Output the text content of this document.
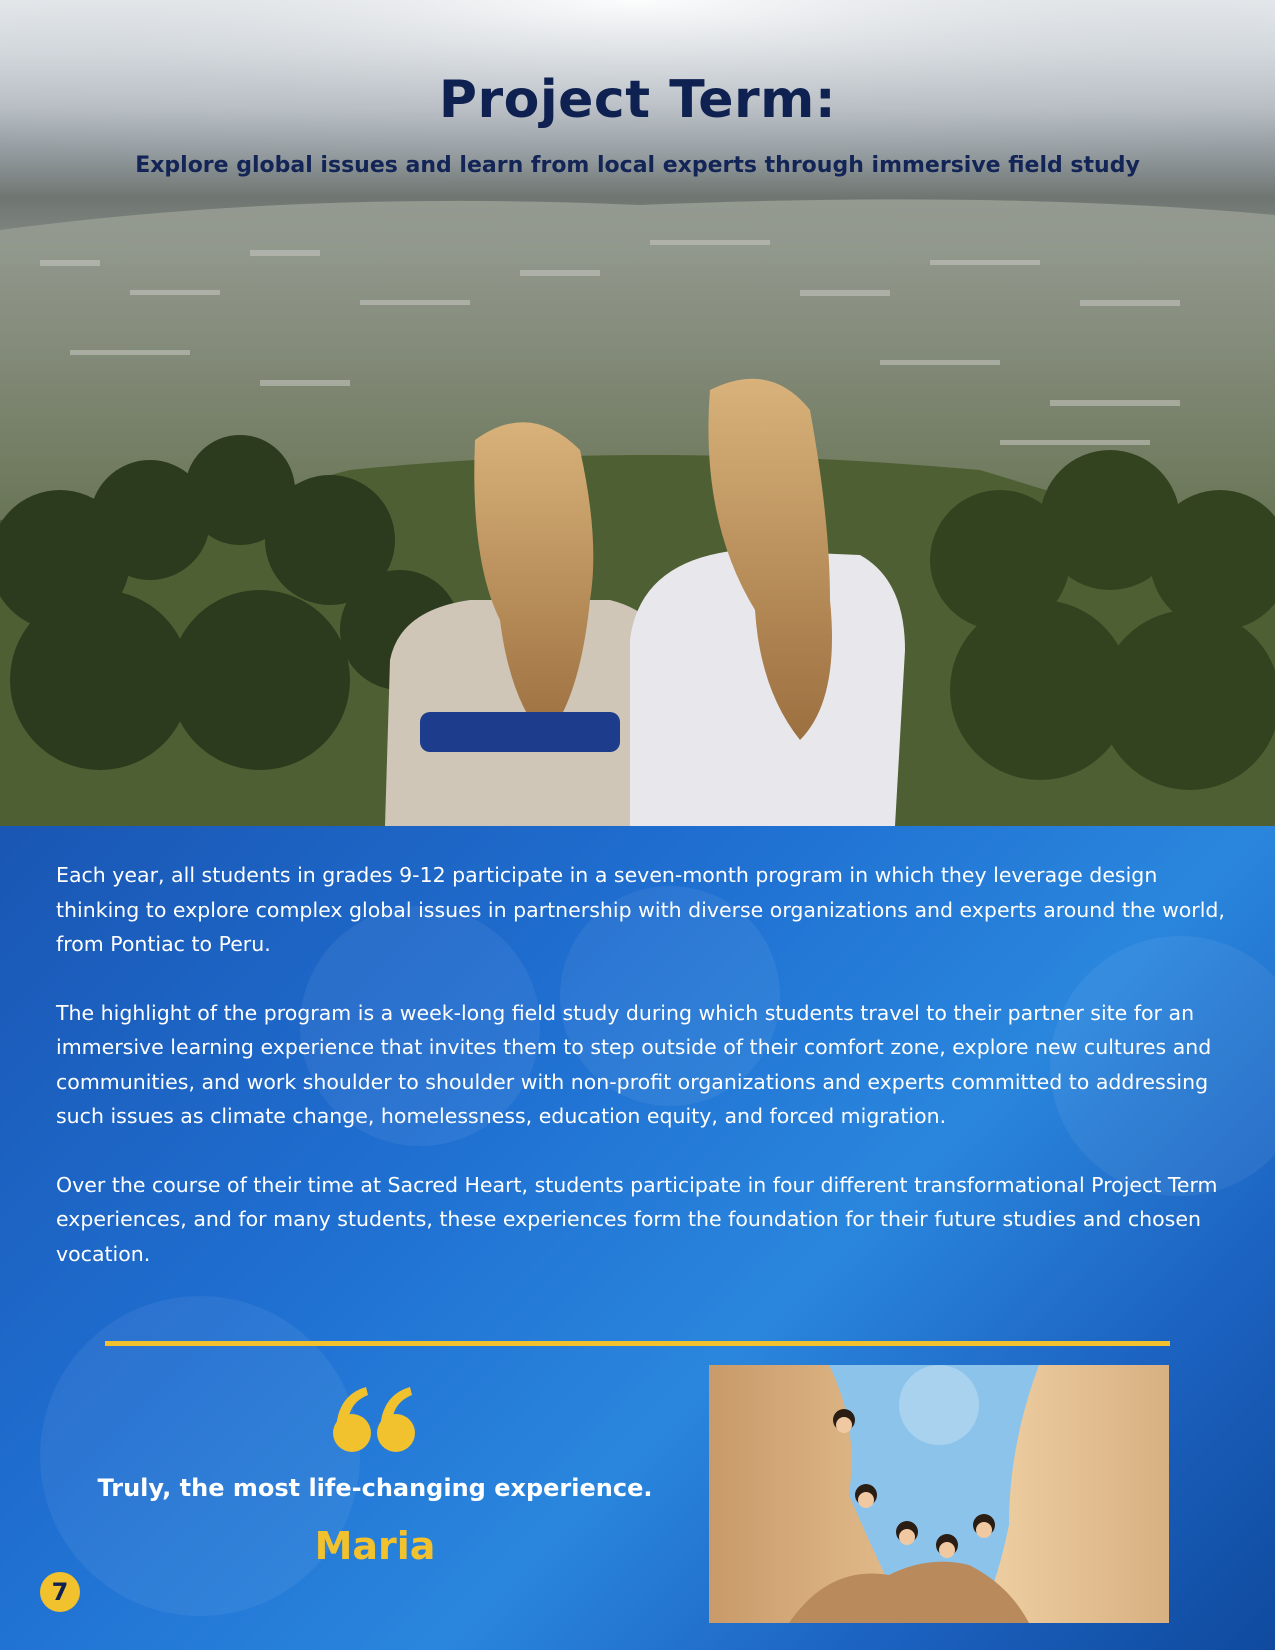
Project Term:
Explore global issues and learn from local experts through immersive field study

Each year, all students in grades 9-12 participate in a seven-month program in which they leverage design thinking to explore complex global issues in partnership with diverse organizations and experts around the world, from Pontiac to Peru.

The highlight of the program is a week-long field study during which students travel to their partner site for an immersive learning experience that invites them to step outside of their comfort zone, explore new cultures and communities, and work shoulder to shoulder with non-profit organizations and experts committed to addressing such issues as climate change, homelessness, education equity, and forced migration.

Over the course of their time at Sacred Heart, students participate in four different transformational Project Term experiences, and for many students, these experiences form the foundation for their future studies and chosen vocation.

Truly, the most life-changing experience.

Maria

7
